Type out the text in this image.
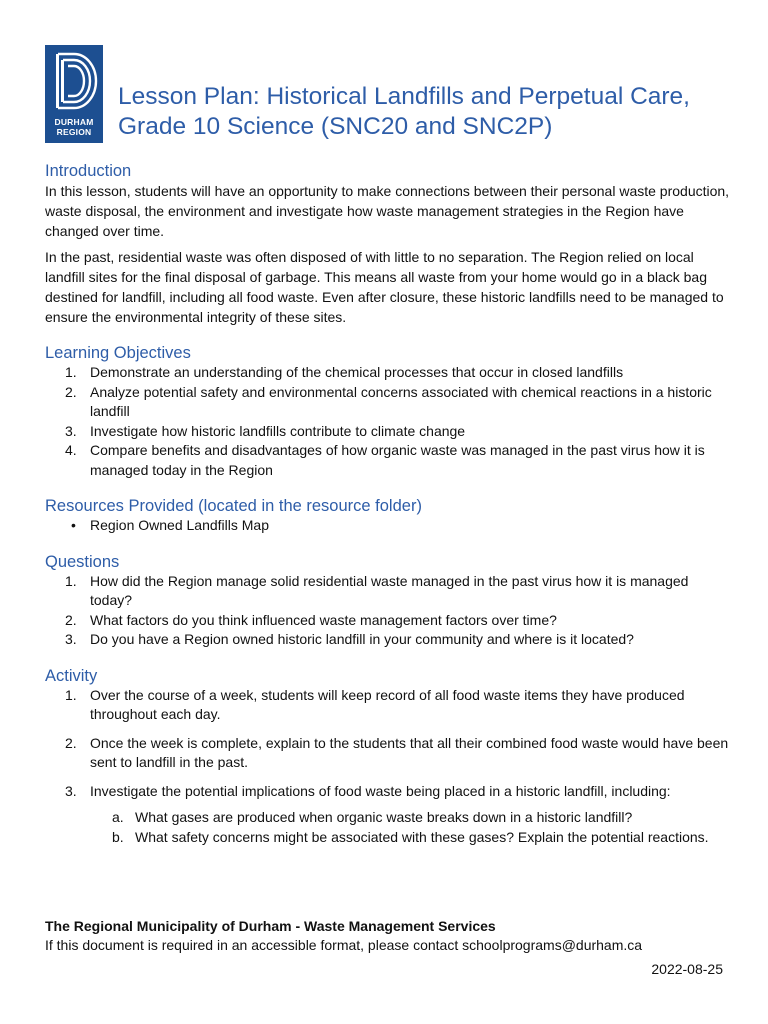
DURHAM
REGION
Lesson Plan: Historical Landfills and Perpetual Care, Grade 10 Science (SNC20 and SNC2P)
Introduction

In this lesson, students will have an opportunity to make connections between their personal waste production, waste disposal, the environment and investigate how waste management strategies in the Region have changed over time.

In the past, residential waste was often disposed of with little to no separation. The Region relied on local landfill sites for the final disposal of garbage. This means all waste from your home would go in a black bag destined for landfill, including all food waste. Even after closure, these historic landfills need to be managed to ensure the environmental integrity of these sites.

Learning Objectives
1. Demonstrate an understanding of the chemical processes that occur in closed landfills
2. Analyze potential safety and environmental concerns associated with chemical reactions in a historic landfill
3. Investigate how historic landfills contribute to climate change
4. Compare benefits and disadvantages of how organic waste was managed in the past virus how it is managed today in the Region
Resources Provided (located in the resource folder)
• Region Owned Landfills Map
Questions
1. How did the Region manage solid residential waste managed in the past virus how it is managed today?
2. What factors do you think influenced waste management factors over time?
3. Do you have a Region owned historic landfill in your community and where is it located?
Activity
1. Over the course of a week, students will keep record of all food waste items they have produced throughout each day.
2. Once the week is complete, explain to the students that all their combined food waste would have been sent to landfill in the past.
3. Investigate the potential implications of food waste being placed in a historic landfill, including:
a. What gases are produced when organic waste breaks down in a historic landfill?
b. What safety concerns might be associated with these gases? Explain the potential reactions.
The Regional Municipality of Durham - Waste Management Services
If this document is required in an accessible format, please contact schoolprograms@durham.ca
2022-08-25
